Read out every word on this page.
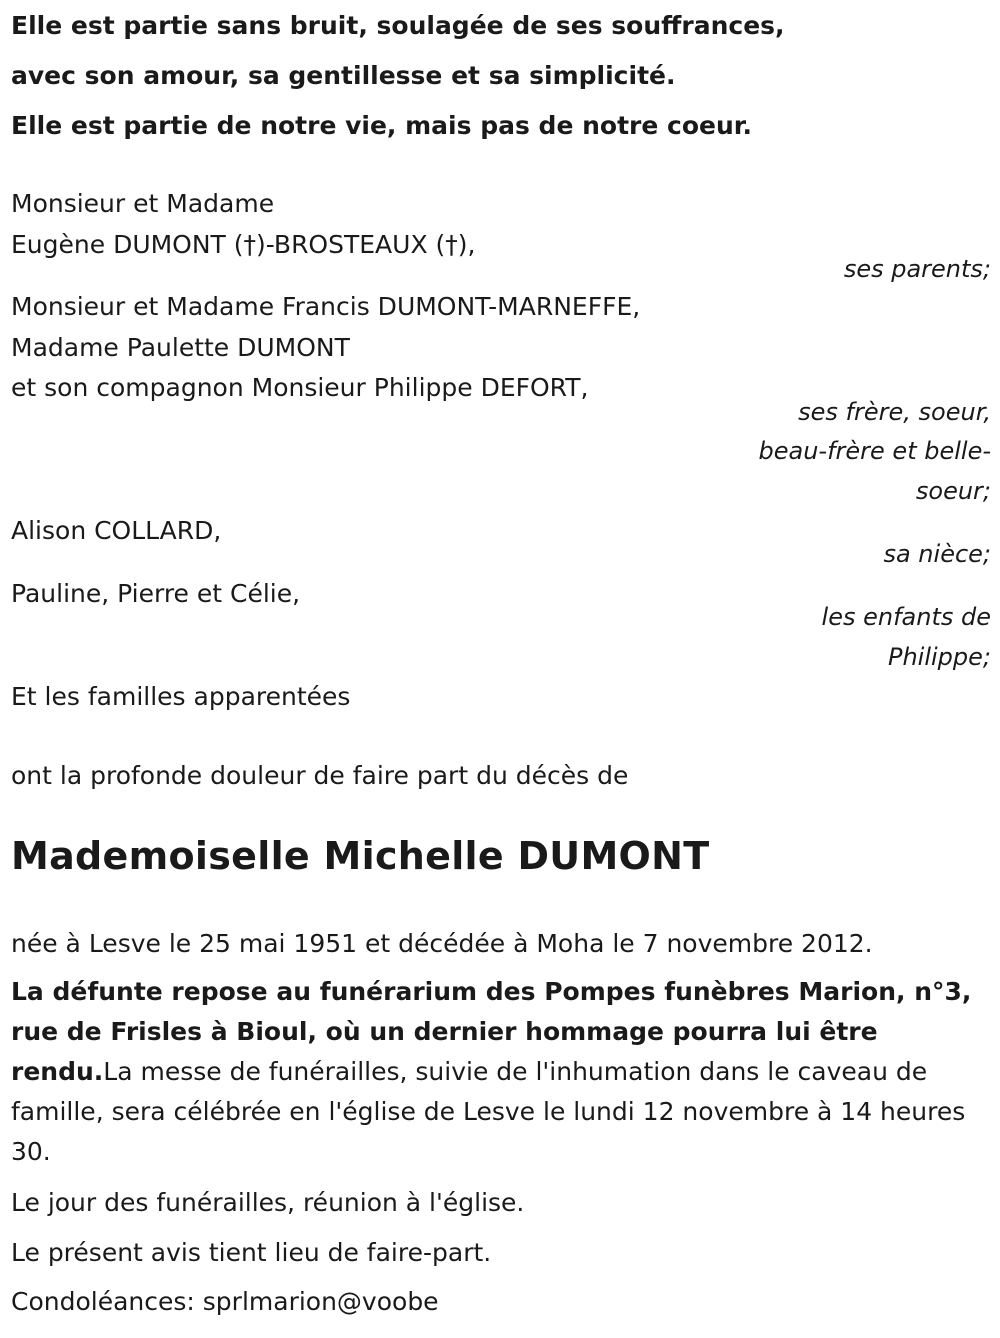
Elle est partie sans bruit, soulagée de ses souffrances,
avec son amour, sa gentillesse et sa simplicité.
Elle est partie de notre vie, mais pas de notre coeur.
Monsieur et Madame
Eugène DUMONT (†)-BROSTEAUX (†),
ses parents;
Monsieur et Madame Francis DUMONT-MARNEFFE,
Madame Paulette DUMONT
et son compagnon Monsieur Philippe DEFORT,
ses frère, soeur,
beau-frère et belle-
soeur;
Alison COLLARD,
sa nièce;
Pauline, Pierre et Célie,
les enfants de
Philippe;
Et les familles apparentées
ont la profonde douleur de faire part du décès de
Mademoiselle Michelle DUMONT
née à Lesve le 25 mai 1951 et décédée à Moha le 7 novembre 2012.
La défunte repose au funérarium des Pompes funèbres Marion, n°3, rue de Frisles à Bioul, où un dernier hommage pourra lui être rendu.La messe de funérailles, suivie de l'inhumation dans le caveau de famille, sera célébrée en l'église de Lesve le lundi 12 novembre à 14 heures 30.
Le jour des funérailles, réunion à l'église.
Le présent avis tient lieu de faire-part.
Condoléances: sprlmarion@voobe
